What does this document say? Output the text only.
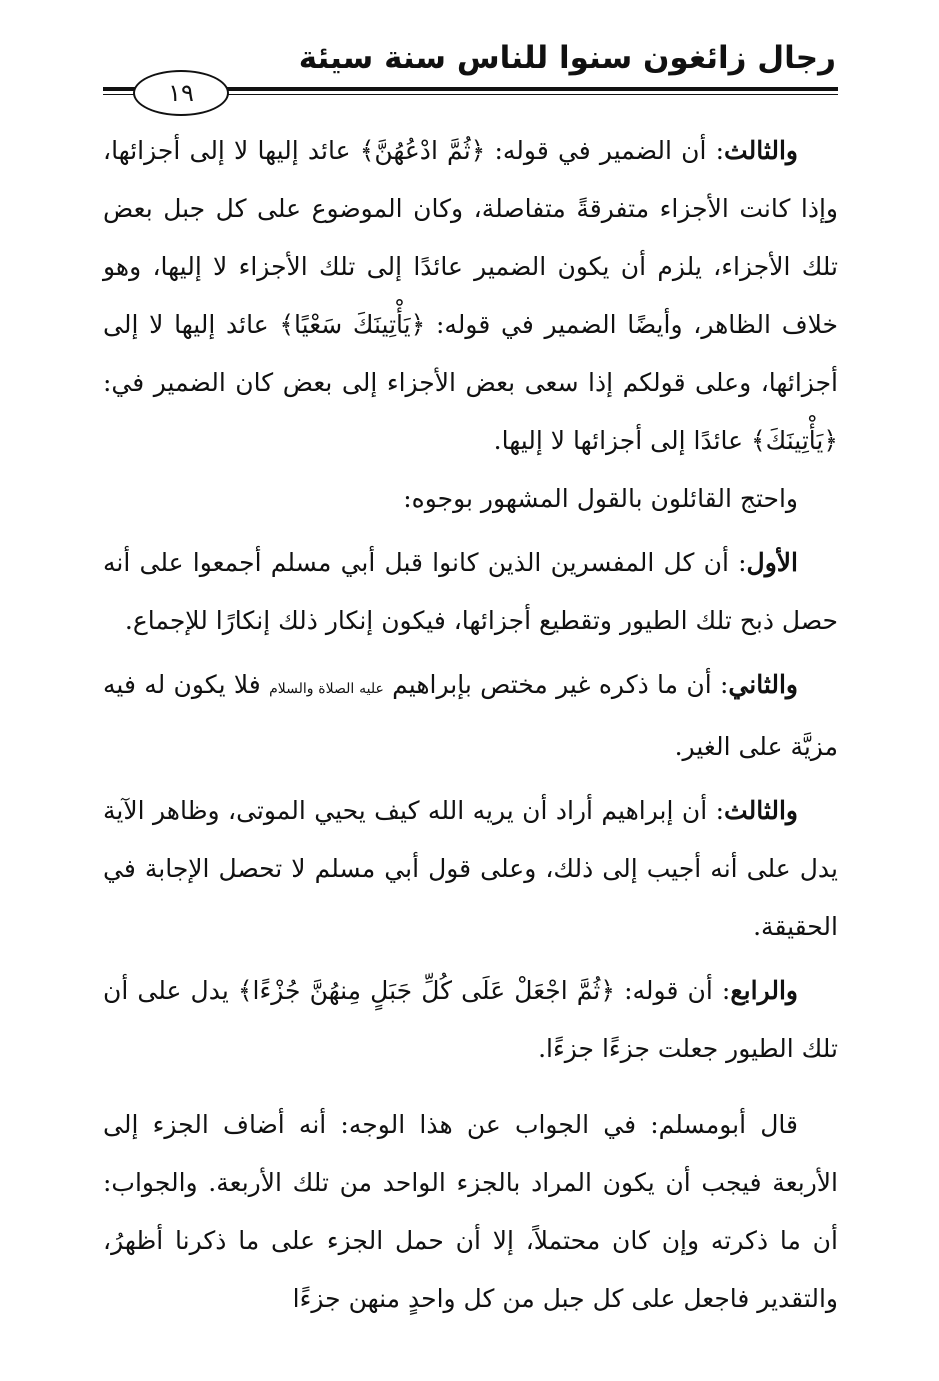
رجال زائغون سنوا للناس سنة سيئة
١٩

والثالث: أن الضمير في قوله: ﴿ثُمَّ ادْعُهُنَّ﴾ عائد إليها لا إلى أجزائها، وإذا كانت الأجزاء متفرقةً متفاصلة، وكان الموضوع على كل جبل بعض تلك الأجزاء، يلزم أن يكون الضمير عائدًا إلى تلك الأجزاء لا إليها، وهو خلاف الظاهر، وأيضًا الضمير في قوله: ﴿يَأْتِينَكَ سَعْيًا﴾ عائد إليها لا إلى أجزائها، وعلى قولكم إذا سعى بعض الأجزاء إلى بعض كان الضمير في: ﴿يَأْتِينَكَ﴾ عائدًا إلى أجزائها لا إليها.

واحتج القائلون بالقول المشهور بوجوه:

الأول: أن كل المفسرين الذين كانوا قبل أبي مسلم أجمعوا على أنه حصل ذبح تلك الطيور وتقطيع أجزائها، فيكون إنكار ذلك إنكارًا للإجماع.

والثاني: أن ما ذكره غير مختص بإبراهيم عليه الصلاة والسلام فلا يكون له فيه مزيَّة على الغير.

والثالث: أن إبراهيم أراد أن يريه الله كيف يحيي الموتى، وظاهر الآية يدل على أنه أجيب إلى ذلك، وعلى قول أبي مسلم لا تحصل الإجابة في الحقيقة.

والرابع: أن قوله: ﴿ثُمَّ اجْعَلْ عَلَى كُلِّ جَبَلٍ مِنهُنَّ جُزْءًا﴾ يدل على أن تلك الطيور جعلت جزءًا جزءًا.

قال أبومسلم: في الجواب عن هذا الوجه: أنه أضاف الجزء إلى الأربعة فيجب أن يكون المراد بالجزء الواحد من تلك الأربعة. والجواب: أن ما ذكرته وإن كان محتملاً، إلا أن حمل الجزء على ما ذكرنا أظهرُ، والتقدير فاجعل على كل جبل من كل واحدٍ منهن جزءًا
